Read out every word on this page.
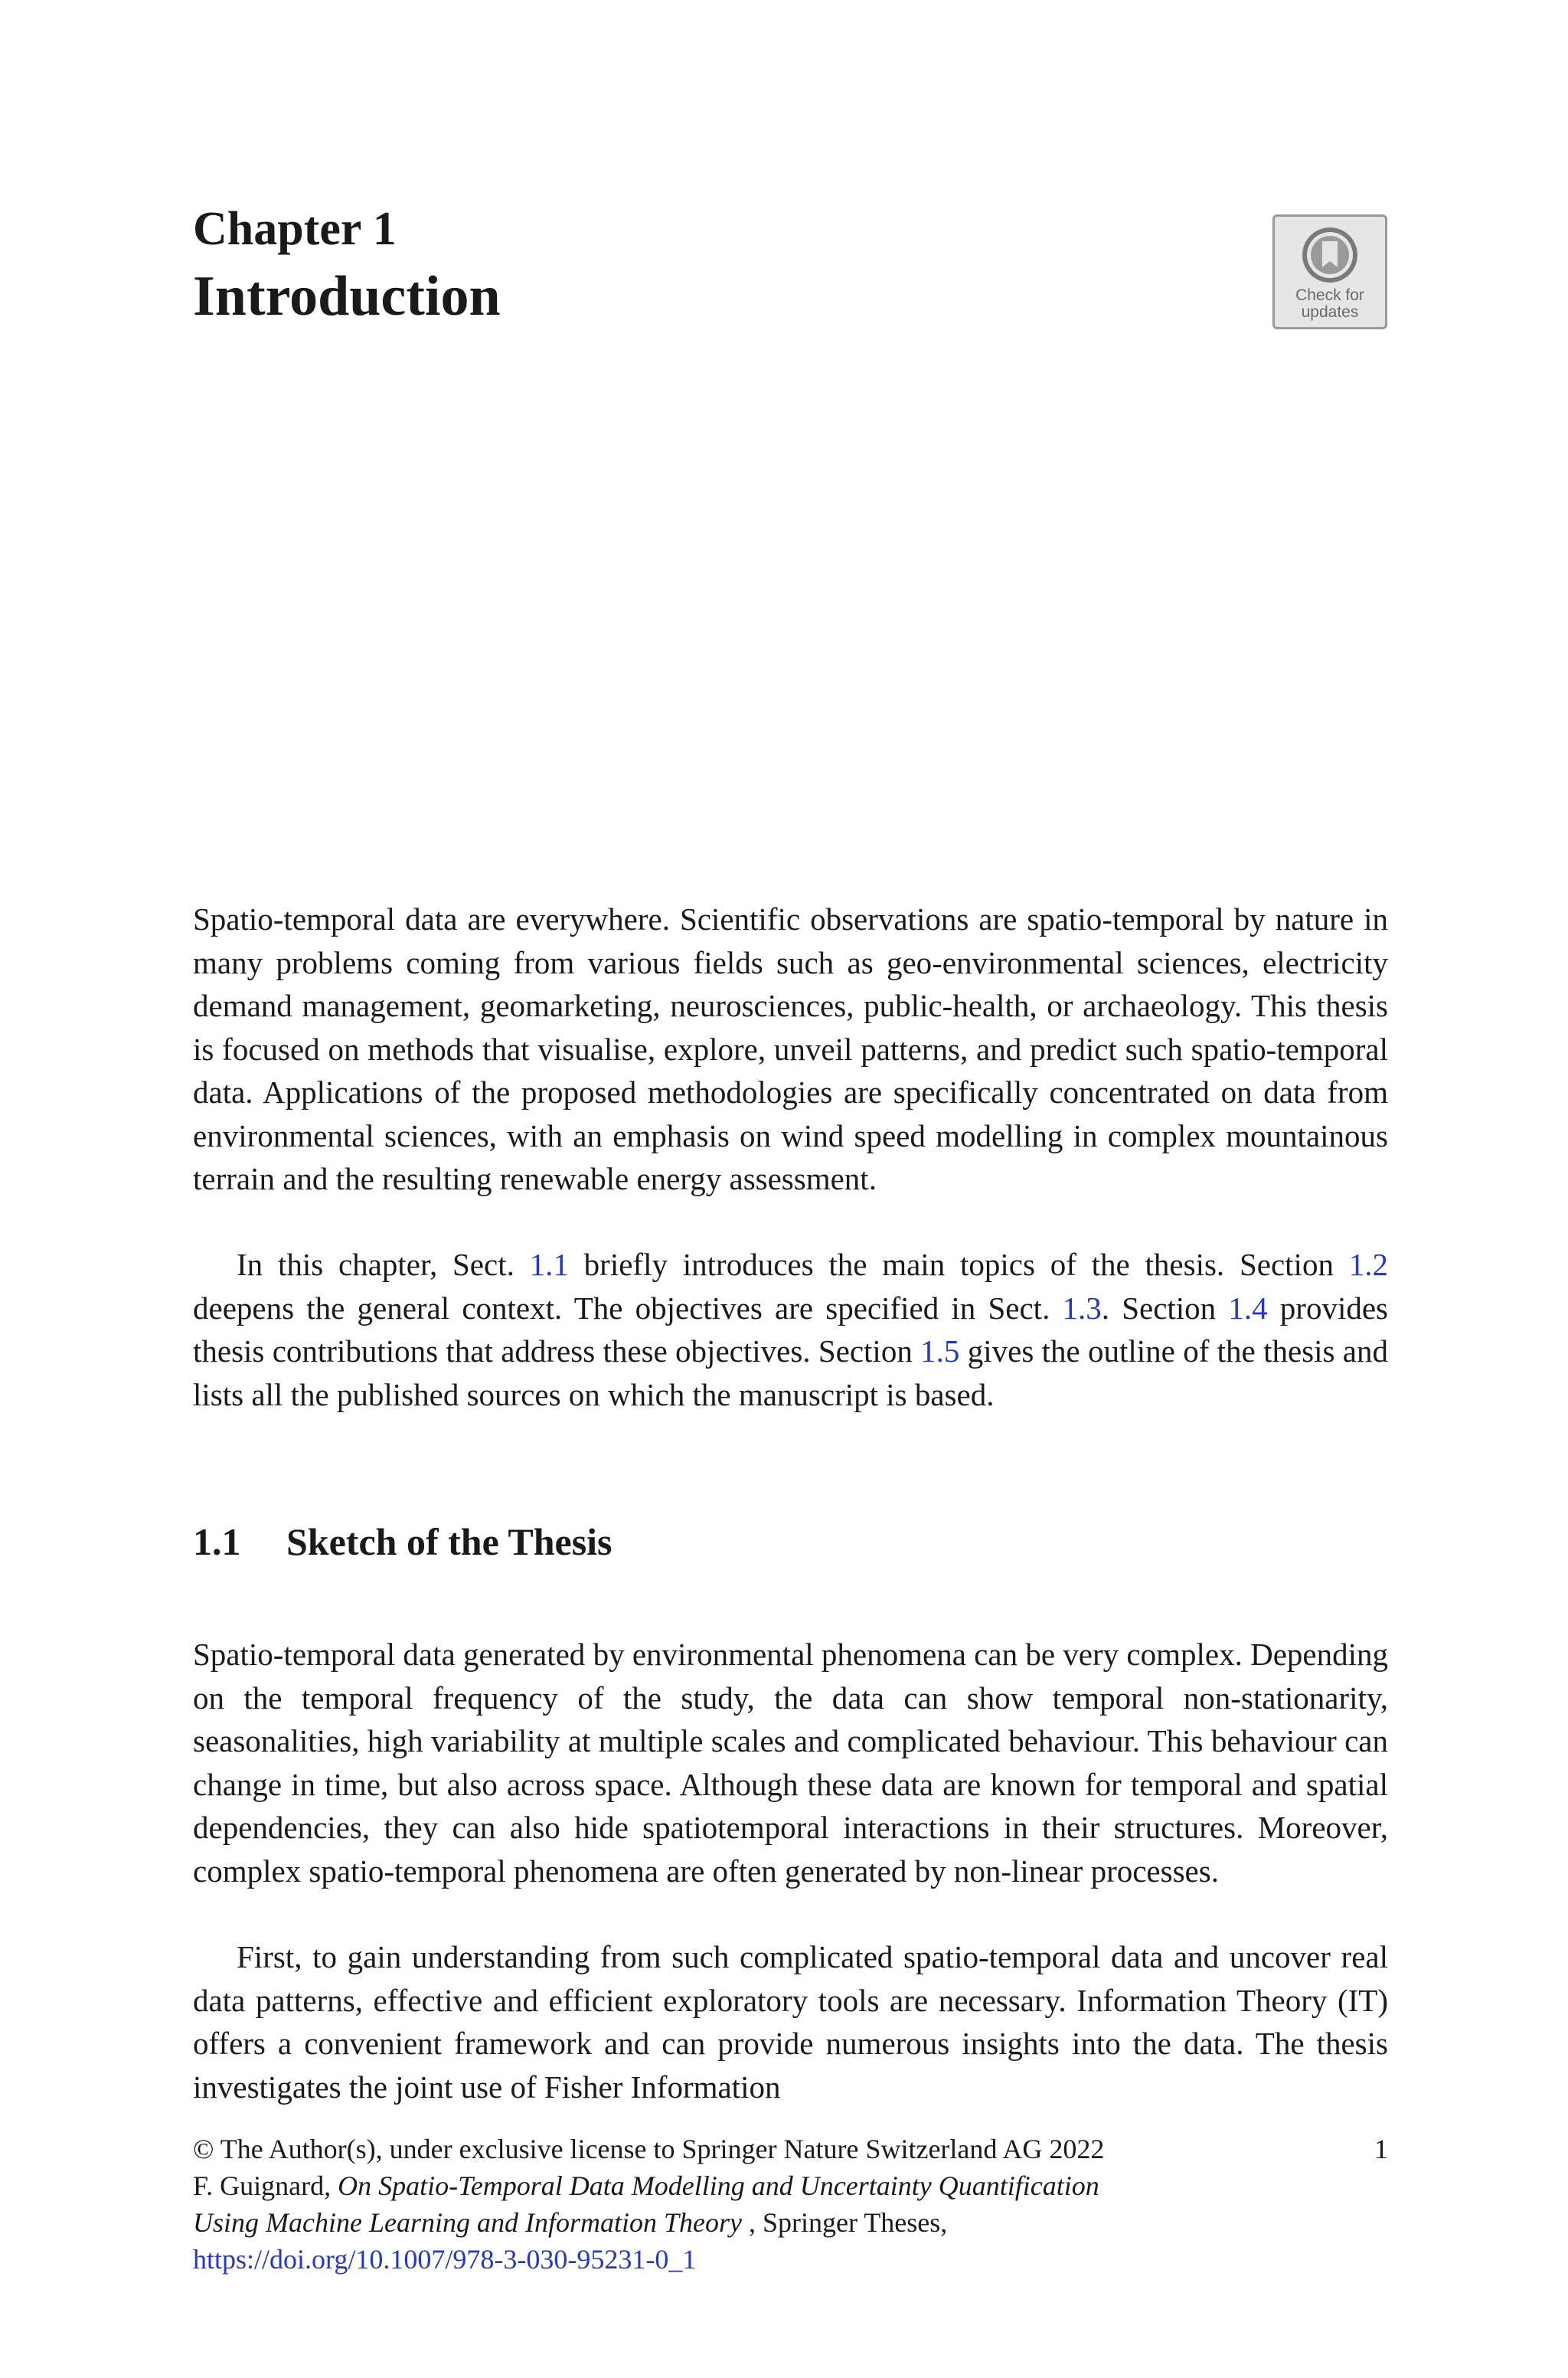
Chapter 1
Introduction	Check for updates

Spatio-temporal data are everywhere. Scientific observations are spatio-temporal by nature in many problems coming from various fields such as geo-environmental sciences, electricity demand management, geomarketing, neurosciences, public-health, or archaeology. This thesis is focused on methods that visualise, explore, unveil patterns, and predict such spatio-temporal data. Applications of the proposed methodologies are specifically concentrated on data from environmental sciences, with an emphasis on wind speed modelling in complex mountainous terrain and the resulting renewable energy assessment.

In this chapter, Sect. 1.1 briefly introduces the main topics of the thesis. Section 1.2 deepens the general context. The objectives are specified in Sect. 1.3. Section 1.4 provides thesis contributions that address these objectives. Section 1.5 gives the outline of the thesis and lists all the published sources on which the manuscript is based.

1.1 Sketch of the Thesis

Spatio-temporal data generated by environmental phenomena can be very complex. Depending on the temporal frequency of the study, the data can show temporal non-stationarity, seasonalities, high variability at multiple scales and complicated behaviour. This behaviour can change in time, but also across space. Although these data are known for temporal and spatial dependencies, they can also hide spatiotemporal interactions in their structures. Moreover, complex spatio-temporal phenomena are often generated by non-linear processes.

First, to gain understanding from such complicated spatio-temporal data and uncover real data patterns, effective and efficient exploratory tools are necessary. Information Theory (IT) offers a convenient framework and can provide numerous insights into the data. The thesis investigates the joint use of Fisher Information

1
© The Author(s), under exclusive license to Springer Nature Switzerland AG 2022
F. Guignard, On Spatio-Temporal Data Modelling and Uncertainty Quantification
Using Machine Learning and Information Theory , Springer Theses,
https://doi.org/10.1007/978-3-030-95231-0_1
